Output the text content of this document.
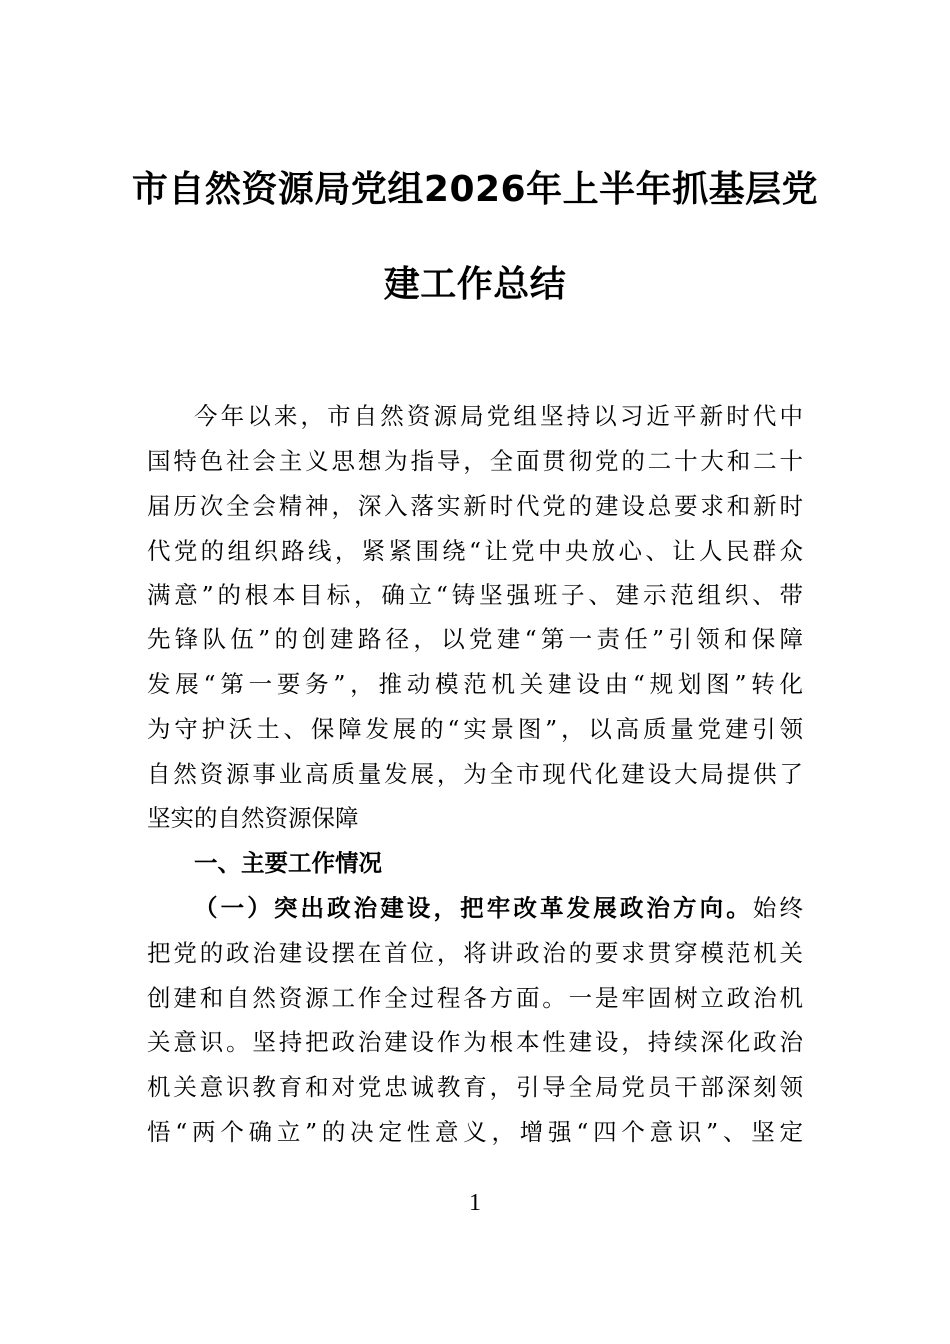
市自然资源局党组2026年上半年抓基层党
建工作总结

今年以来，市自然资源局党组坚持以习近平新时代中

国特色社会主义思想为指导，全面贯彻党的二十大和二十

届历次全会精神，深入落实新时代党的建设总要求和新时

代党的组织路线，紧紧围绕“让党中央放心、让人民群众

满意”的根本目标，确立“铸坚强班子、建示范组织、带

先锋队伍”的创建路径，以党建“第一责任”引领和保障

发展“第一要务”，推动模范机关建设由“规划图”转化

为守护沃土、保障发展的“实景图”，以高质量党建引领

自然资源事业高质量发展，为全市现代化建设大局提供了

坚实的自然资源保障

一、主要工作情况

（一）突出政治建设，把牢改革发展政治方向。始终

把党的政治建设摆在首位，将讲政治的要求贯穿模范机关

创建和自然资源工作全过程各方面。一是牢固树立政治机

关意识。坚持把政治建设作为根本性建设，持续深化政治

机关意识教育和对党忠诚教育，引导全局党员干部深刻领

悟“两个确立”的决定性意义，增强“四个意识”、坚定

1
